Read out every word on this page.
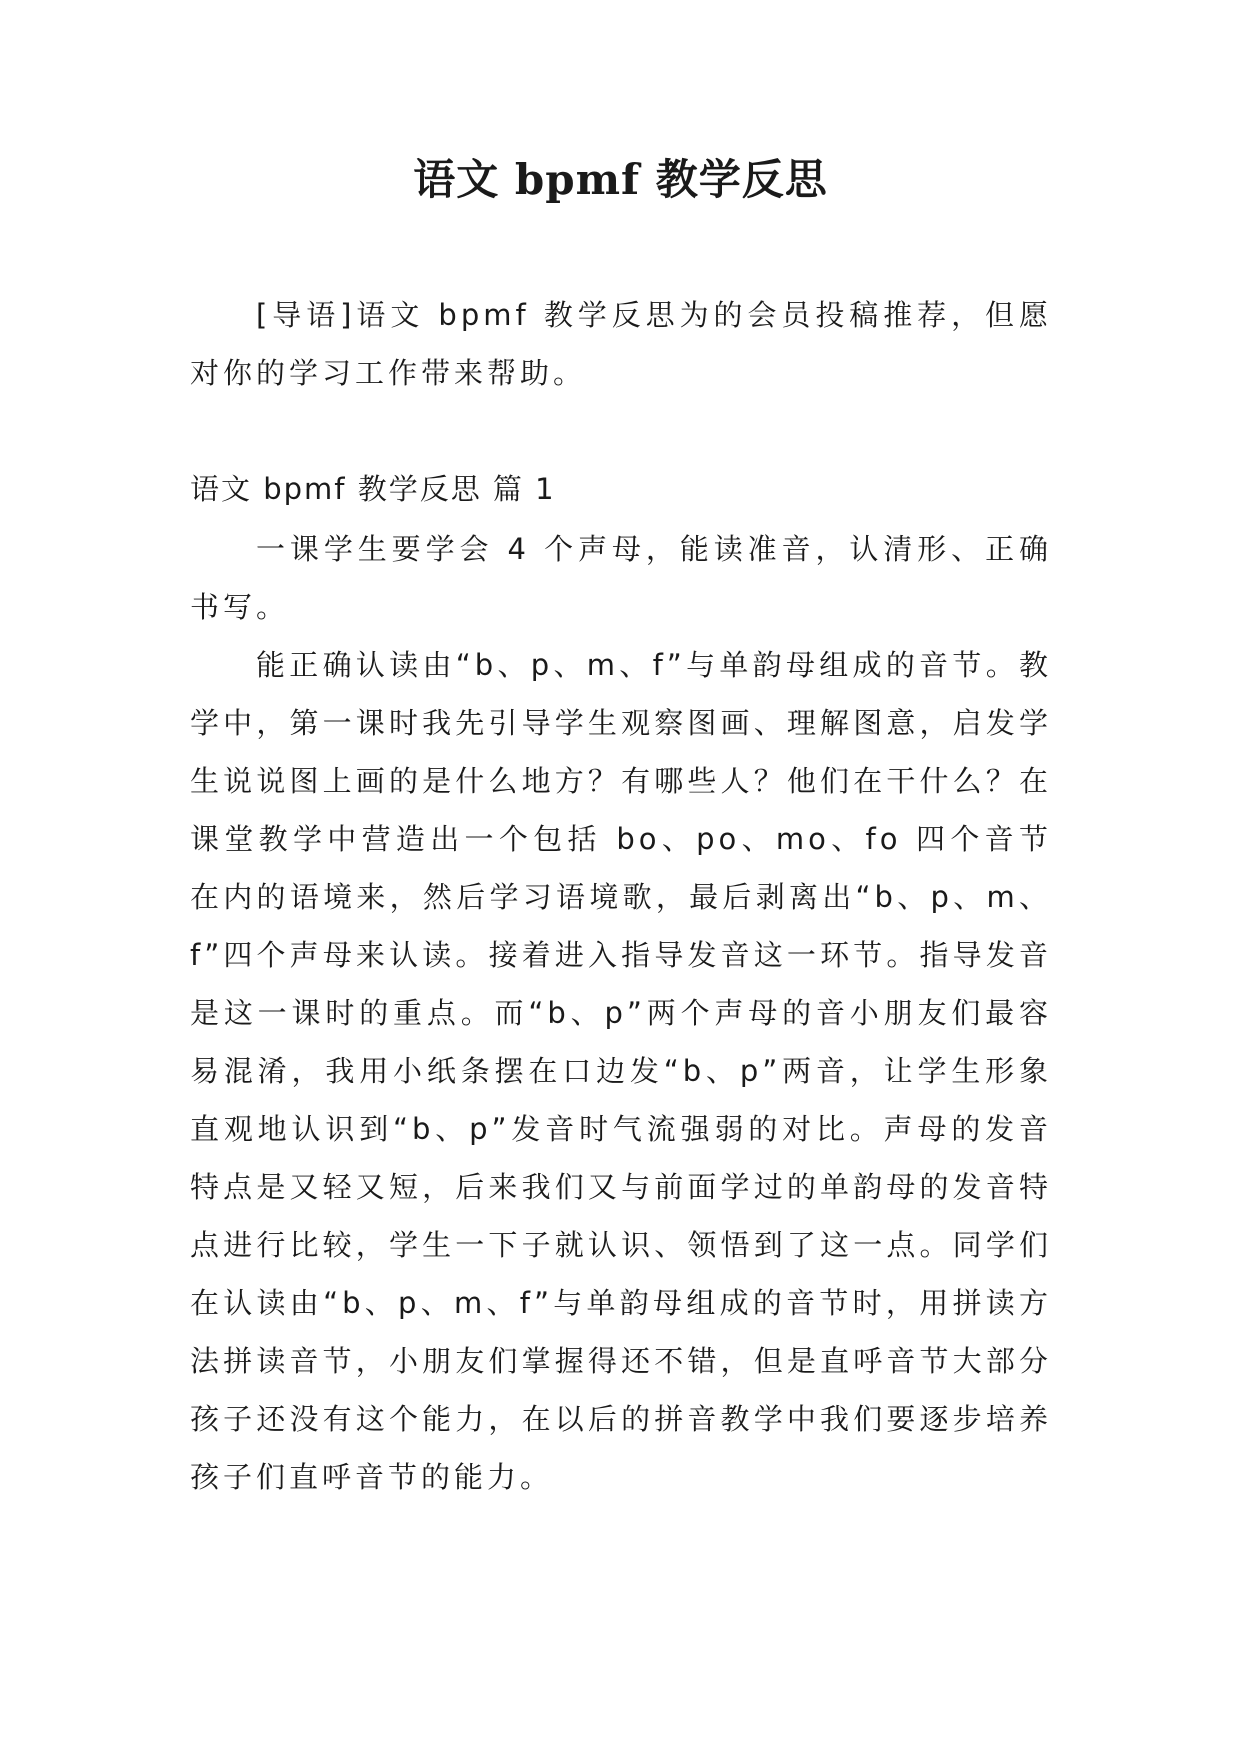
语文 bpmf 教学反思

[导语]语文 bpmf 教学反思为的会员投稿推荐，但愿对你的学习工作带来帮助。

语文 bpmf 教学反思 篇 1

一课学生要学会 4 个声母，能读准音，认清形、正确书写。

能正确认读由“b、p、m、f”与单韵母组成的音节。教学中，第一课时我先引导学生观察图画、理解图意，启发学生说说图上画的是什么地方？有哪些人？他们在干什么？在课堂教学中营造出一个包括 bo、po、mo、fo 四个音节在内的语境来，然后学习语境歌，最后剥离出“b、p、m、f”四个声母来认读。接着进入指导发音这一环节。指导发音是这一课时的重点。而“b、p”两个声母的音小朋友们最容易混淆，我用小纸条摆在口边发“b、p”两音，让学生形象直观地认识到“b、p”发音时气流强弱的对比。声母的发音特点是又轻又短，后来我们又与前面学过的单韵母的发音特点进行比较，学生一下子就认识、领悟到了这一点。同学们在认读由“b、p、m、f”与单韵母组成的音节时，用拼读方法拼读音节，小朋友们掌握得还不错，但是直呼音节大部分孩子还没有这个能力，在以后的拼音教学中我们要逐步培养孩子们直呼音节的能力。
